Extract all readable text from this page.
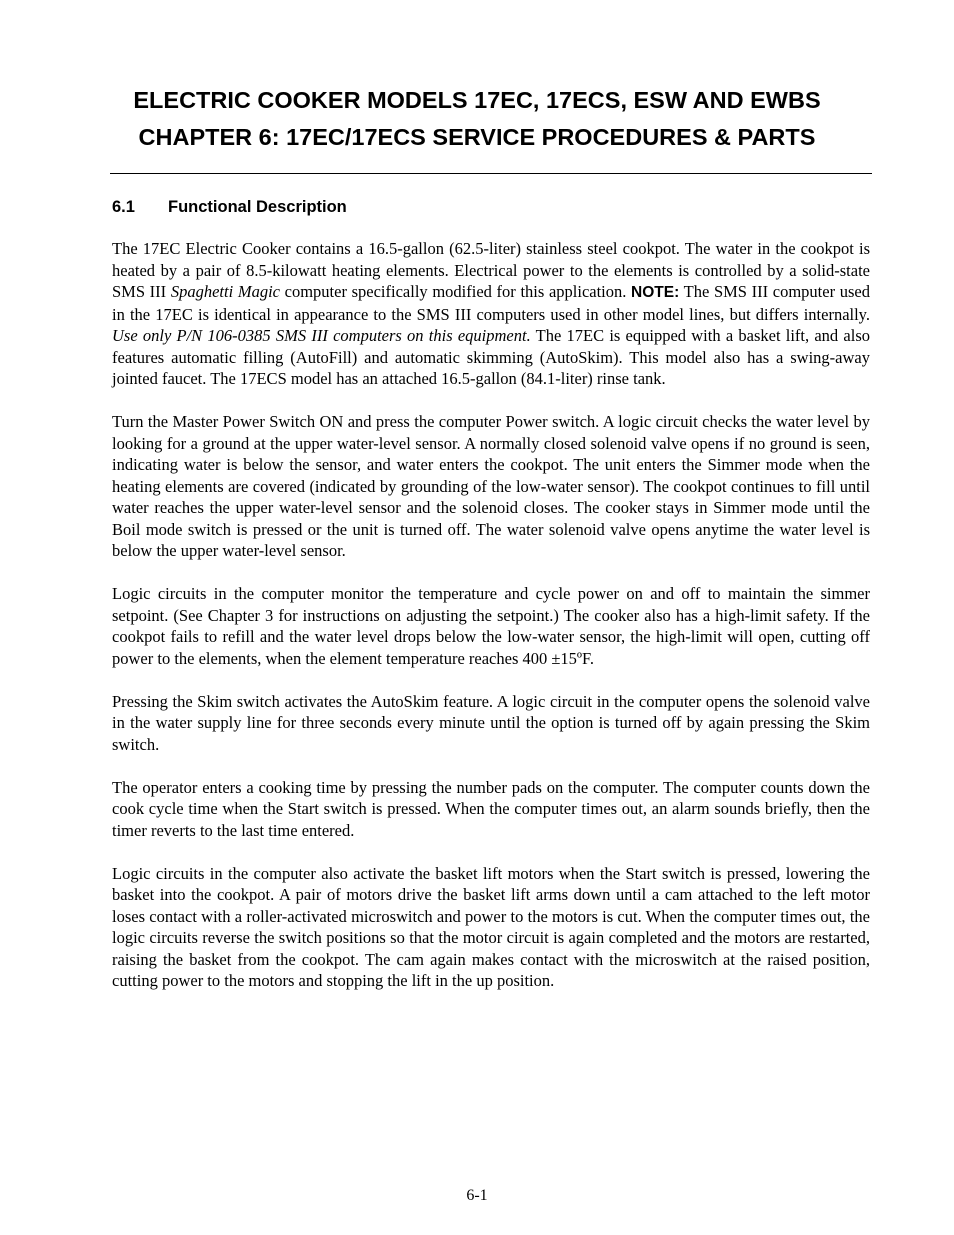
ELECTRIC COOKER MODELS 17EC, 17ECS, ESW AND EWBS
CHAPTER 6: 17EC/17ECS SERVICE PROCEDURES & PARTS
6.1 Functional Description

The 17EC Electric Cooker contains a 16.5-gallon (62.5-liter) stainless steel cookpot. The water in the cookpot is heated by a pair of 8.5-kilowatt heating elements. Electrical power to the elements is controlled by a solid-state SMS III Spaghetti Magic computer specifically modified for this application. NOTE: The SMS III computer used in the 17EC is identical in appearance to the SMS III computers used in other model lines, but differs internally. Use only P/N 106-0385 SMS III computers on this equipment. The 17EC is equipped with a basket lift, and also features automatic filling (AutoFill) and automatic skimming (AutoSkim). This model also has a swing-away jointed faucet. The 17ECS model has an attached 16.5-gallon (84.1-liter) rinse tank.

Turn the Master Power Switch ON and press the computer Power switch. A logic circuit checks the water level by looking for a ground at the upper water-level sensor. A normally closed solenoid valve opens if no ground is seen, indicating water is below the sensor, and water enters the cookpot. The unit enters the Simmer mode when the heating elements are covered (indicated by grounding of the low-water sensor). The cookpot continues to fill until water reaches the upper water-level sensor and the solenoid closes. The cooker stays in Simmer mode until the Boil mode switch is pressed or the unit is turned off. The water solenoid valve opens anytime the water level is below the upper water-level sensor.

Logic circuits in the computer monitor the temperature and cycle power on and off to maintain the simmer setpoint. (See Chapter 3 for instructions on adjusting the setpoint.) The cooker also has a high-limit safety. If the cookpot fails to refill and the water level drops below the low-water sensor, the high-limit will open, cutting off power to the elements, when the element temperature reaches 400 ±15ºF.

Pressing the Skim switch activates the AutoSkim feature. A logic circuit in the computer opens the solenoid valve in the water supply line for three seconds every minute until the option is turned off by again pressing the Skim switch.

The operator enters a cooking time by pressing the number pads on the computer. The computer counts down the cook cycle time when the Start switch is pressed. When the computer times out, an alarm sounds briefly, then the timer reverts to the last time entered.

Logic circuits in the computer also activate the basket lift motors when the Start switch is pressed, lowering the basket into the cookpot. A pair of motors drive the basket lift arms down until a cam attached to the left motor loses contact with a roller-activated microswitch and power to the motors is cut. When the computer times out, the logic circuits reverse the switch positions so that the motor circuit is again completed and the motors are restarted, raising the basket from the cookpot. The cam again makes contact with the microswitch at the raised position, cutting power to the motors and stopping the lift in the up position.

6-1
